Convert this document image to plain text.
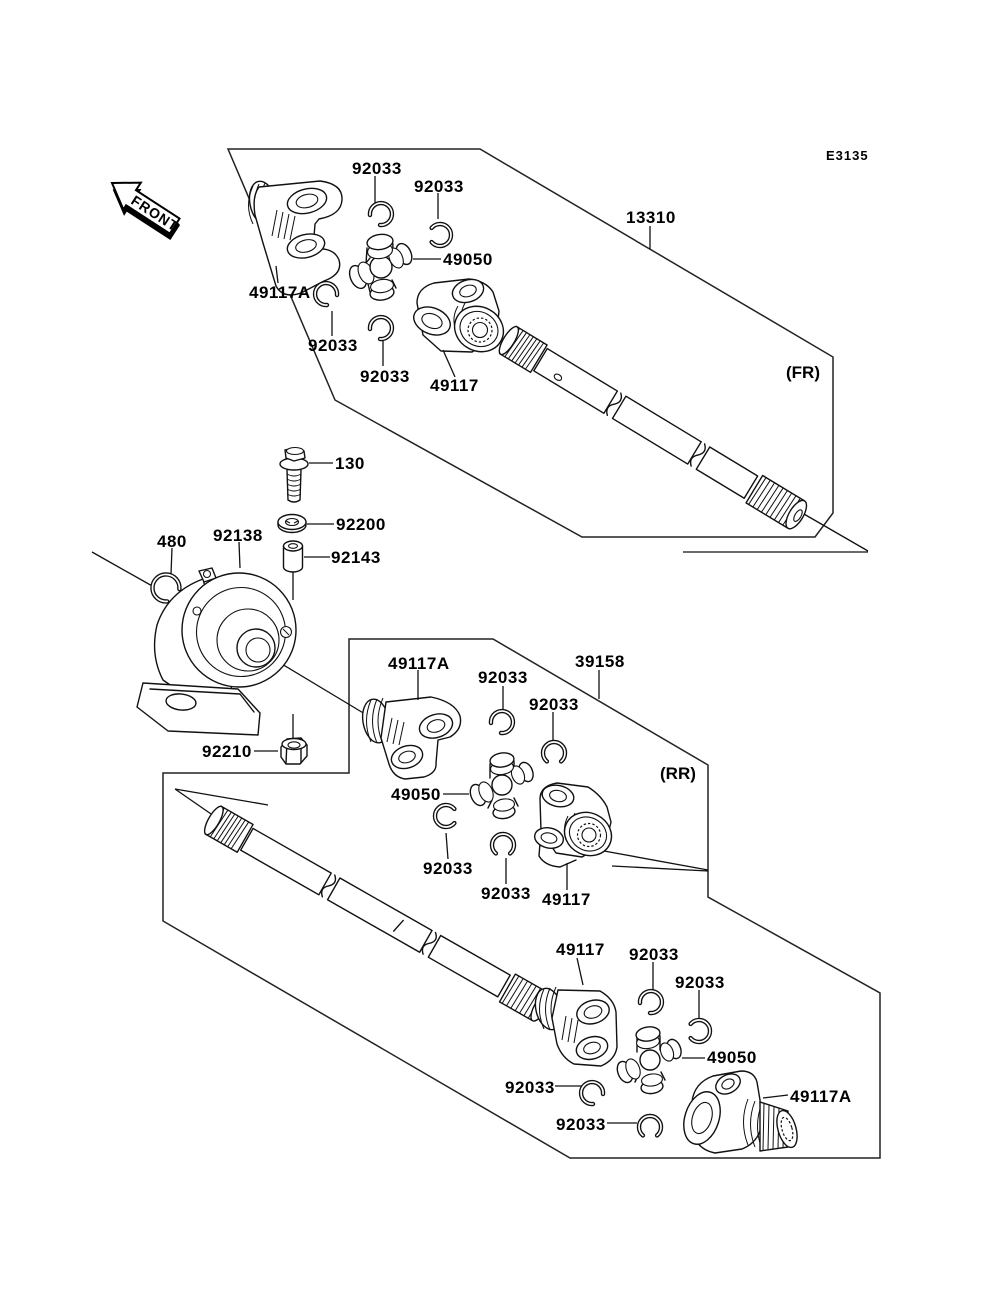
FRONT
92033
92033
13310
49050
49117A
92033
92033 49117
130
92200
92143
480 92138
92210
49117A
92033
92033
39158
49050
92033
92033 49117
49117 92033
92033
49050
92033	49117A
92033
(FR)
(RR)
E3135
